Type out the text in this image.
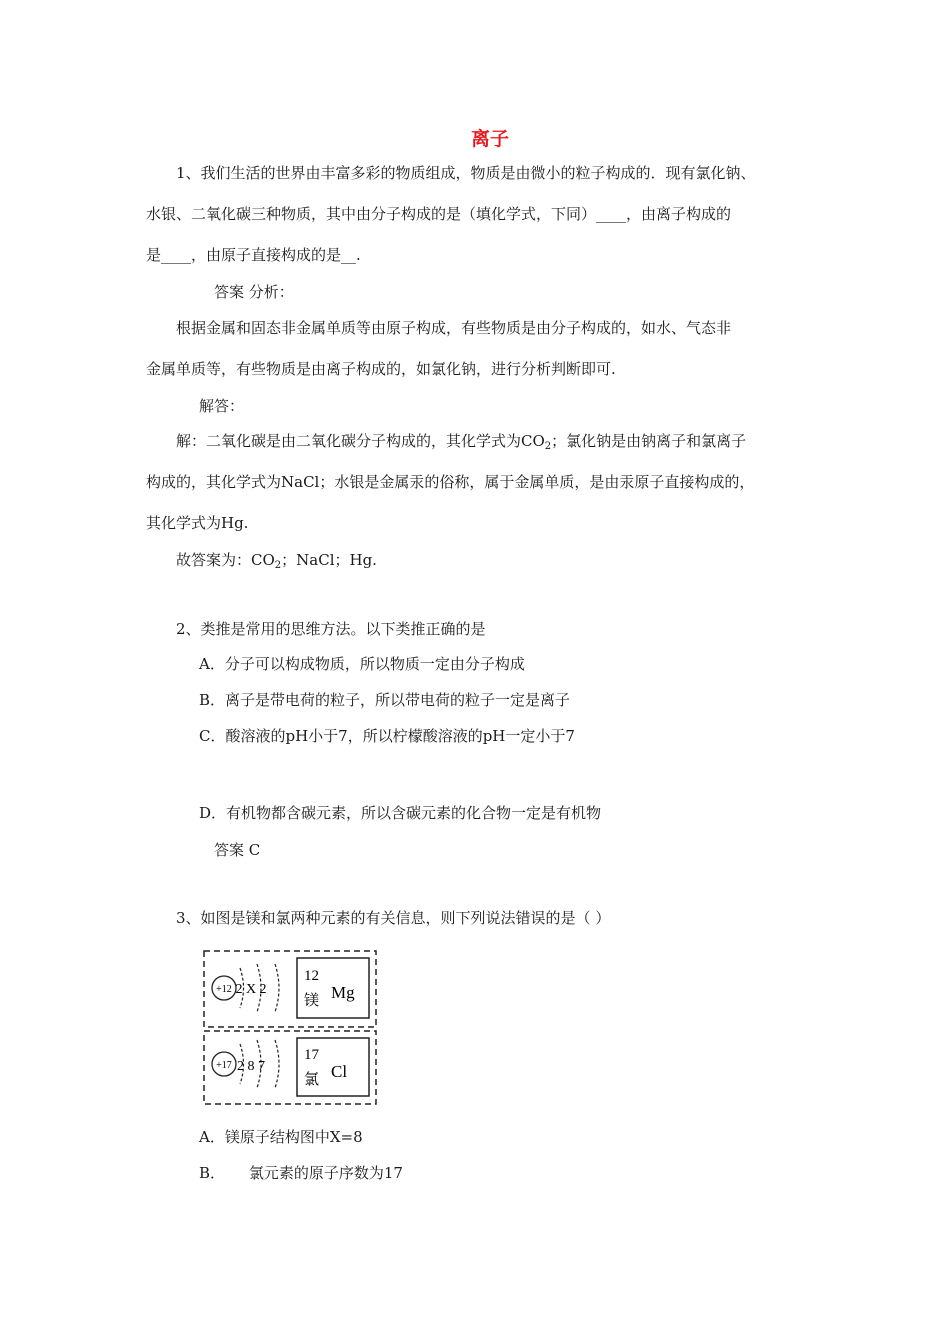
离子
1、我们生活的世界由丰富多彩的物质组成，物质是由微小的粒子构成的．现有氯化钠、
水银、二氧化碳三种物质，其中由分子构成的是（填化学式，下同）____，由离子构成的
是____，由原子直接构成的是__.
答案 分析：
根据金属和固态非金属单质等由原子构成，有些物质是由分子构成的，如水、气态非
金属单质等，有些物质是由离子构成的，如氯化钠，进行分析判断即可.
解答：
解：二氧化碳是由二氧化碳分子构成的，其化学式为$CO_2$；氯化钠是由钠离子和氯离子
构成的，其化学式为NaCl；水银是金属汞的俗称，属于金属单质，是由汞原子直接构成的，
其化学式为Hg.
故答案为：$CO_2$；NaCl；Hg.
2、类推是常用的思维方法。以下类推正确的是
A．分子可以构成物质，所以物质一定由分子构成
B．离子是带电荷的粒子，所以带电荷的粒子一定是离子
C．酸溶液的pH小于7，所以柠檬酸溶液的pH一定小于7
D．有机物都含碳元素，所以含碳元素的化合物一定是有机物
答案 C
3、如图是镁和氯两种元素的有关信息，则下列说法错误的是（ ）
+12 2 X 2
12
镁 Mg
+17 2 8 7
17
氯 Cl
A．镁原子结构图中X=8
B．     氯元素的原子序数为17
